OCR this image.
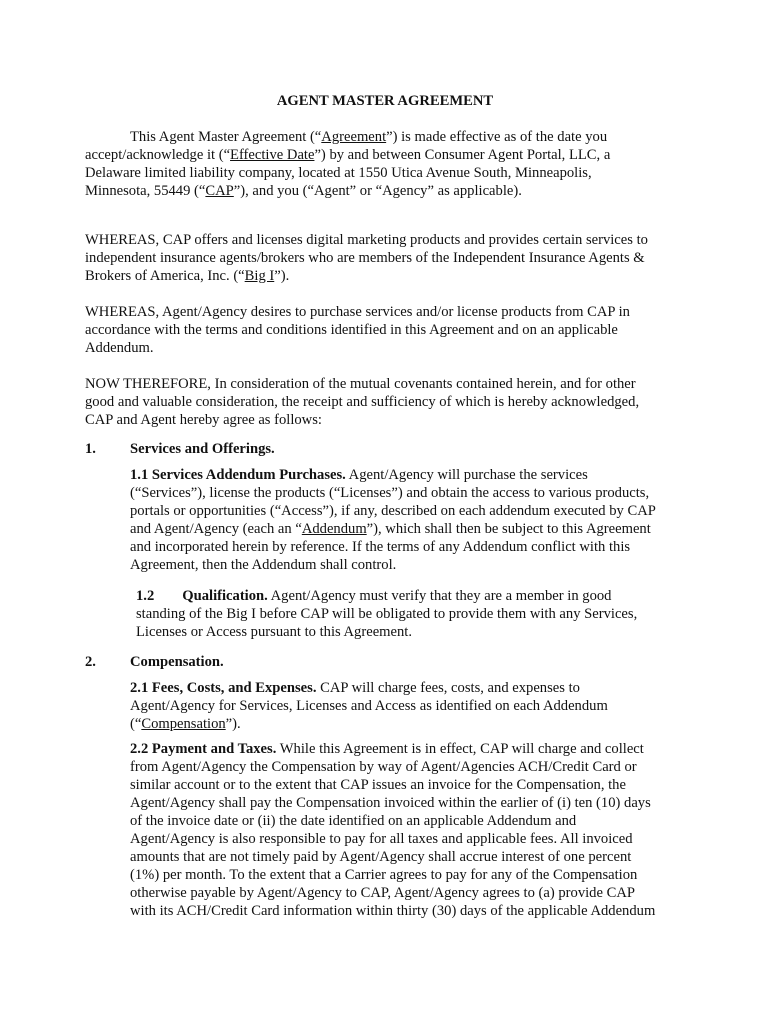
AGENT MASTER AGREEMENT
This Agent Master Agreement (“Agreement”) is made effective as of the date you
accept/acknowledge it (“Effective Date”) by and between Consumer Agent Portal, LLC, a
Delaware limited liability company, located at 1550 Utica Avenue South, Minneapolis,
Minnesota, 55449 (“CAP”), and you (“Agent” or “Agency” as applicable).
WHEREAS, CAP offers and licenses digital marketing products and provides certain services to
independent insurance agents/brokers who are members of the Independent Insurance Agents &
Brokers of America, Inc. (“Big I”).
WHEREAS, Agent/Agency desires to purchase services and/or license products from CAP in
accordance with the terms and conditions identified in this Agreement and on an applicable
Addendum.
NOW THEREFORE, In consideration of the mutual covenants contained herein, and for other
good and valuable consideration, the receipt and sufficiency of which is hereby acknowledged,
CAP and Agent hereby agree as follows:
1. Services and Offerings.
1.1 Services Addendum Purchases. Agent/Agency will purchase the services
(“Services”), license the products (“Licenses”) and obtain the access to various products,
portals or opportunities (“Access”), if any, described on each addendum executed by CAP
and Agent/Agency (each an “Addendum”), which shall then be subject to this Agreement
and incorporated herein by reference. If the terms of any Addendum conflict with this
Agreement, then the Addendum shall control.
1.2 Qualification. Agent/Agency must verify that they are a member in good
standing of the Big I before CAP will be obligated to provide them with any Services,
Licenses or Access pursuant to this Agreement.
2. Compensation.
2.1 Fees, Costs, and Expenses. CAP will charge fees, costs, and expenses to
Agent/Agency for Services, Licenses and Access as identified on each Addendum
(“Compensation”).
2.2 Payment and Taxes. While this Agreement is in effect, CAP will charge and collect
from Agent/Agency the Compensation by way of Agent/Agencies ACH/Credit Card or
similar account or to the extent that CAP issues an invoice for the Compensation, the
Agent/Agency shall pay the Compensation invoiced within the earlier of (i) ten (10) days
of the invoice date or (ii) the date identified on an applicable Addendum and
Agent/Agency is also responsible to pay for all taxes and applicable fees. All invoiced
amounts that are not timely paid by Agent/Agency shall accrue interest of one percent
(1%) per month. To the extent that a Carrier agrees to pay for any of the Compensation
otherwise payable by Agent/Agency to CAP, Agent/Agency agrees to (a) provide CAP
with its ACH/Credit Card information within thirty (30) days of the applicable Addendum
